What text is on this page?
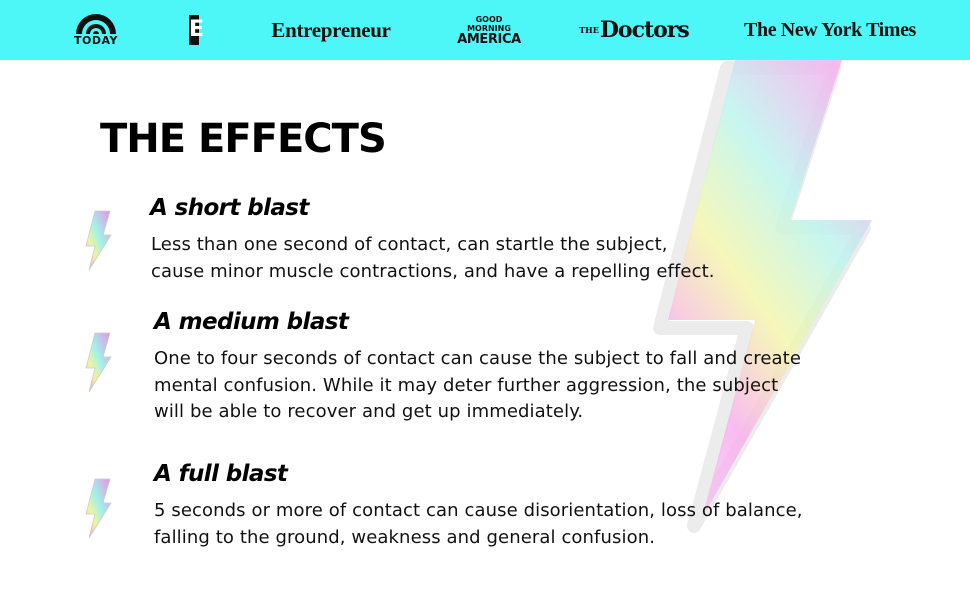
TODAY	E	Entrepreneur	GOOD
MORNING
AMERICA
THE Doctors	The New York Times
THE EFFECTS
A short blast
Less than one second of contact, can startle the subject,
cause minor muscle contractions, and have a repelling effect.
A medium blast
One to four seconds of contact can cause the subject to fall and create
mental confusion. While it may deter further aggression, the subject
will be able to recover and get up immediately.
A full blast
5 seconds or more of contact can cause disorientation, loss of balance,
falling to the ground, weakness and general confusion.
